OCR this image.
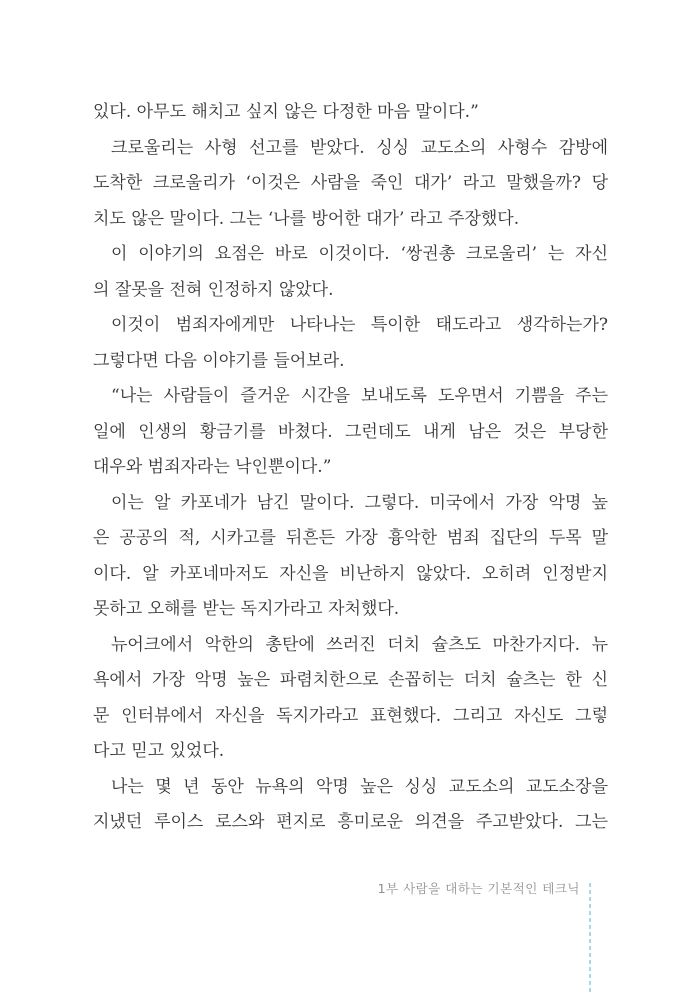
있다. 아무도 해치고 싶지 않은 다정한 마음 말이다.”
크로울리는 사형 선고를 받았다. 싱싱 교도소의 사형수 감방에
도착한 크로울리가 ‘이것은 사람을 죽인 대가’ 라고 말했을까? 당
치도 않은 말이다. 그는 ‘나를 방어한 대가’ 라고 주장했다.
이 이야기의 요점은 바로 이것이다. ‘쌍권총 크로울리’ 는 자신
의 잘못을 전혀 인정하지 않았다.
이것이 범죄자에게만 나타나는 특이한 태도라고 생각하는가?
그렇다면 다음 이야기를 들어보라.
“나는 사람들이 즐거운 시간을 보내도록 도우면서 기쁨을 주는
일에 인생의 황금기를 바쳤다. 그런데도 내게 남은 것은 부당한
대우와 범죄자라는 낙인뿐이다.”
이는 알 카포네가 남긴 말이다. 그렇다. 미국에서 가장 악명 높
은 공공의 적, 시카고를 뒤흔든 가장 흉악한 범죄 집단의 두목 말
이다. 알 카포네마저도 자신을 비난하지 않았다. 오히려 인정받지
못하고 오해를 받는 독지가라고 자처했다.
뉴어크에서 악한의 총탄에 쓰러진 더치 슐츠도 마찬가지다. 뉴
욕에서 가장 악명 높은 파렴치한으로 손꼽히는 더치 슐츠는 한 신
문 인터뷰에서 자신을 독지가라고 표현했다. 그리고 자신도 그렇
다고 믿고 있었다.
나는 몇 년 동안 뉴욕의 악명 높은 싱싱 교도소의 교도소장을
지냈던 루이스 로스와 편지로 흥미로운 의견을 주고받았다. 그는
1부 사람을 대하는 기본적인 테크닉
